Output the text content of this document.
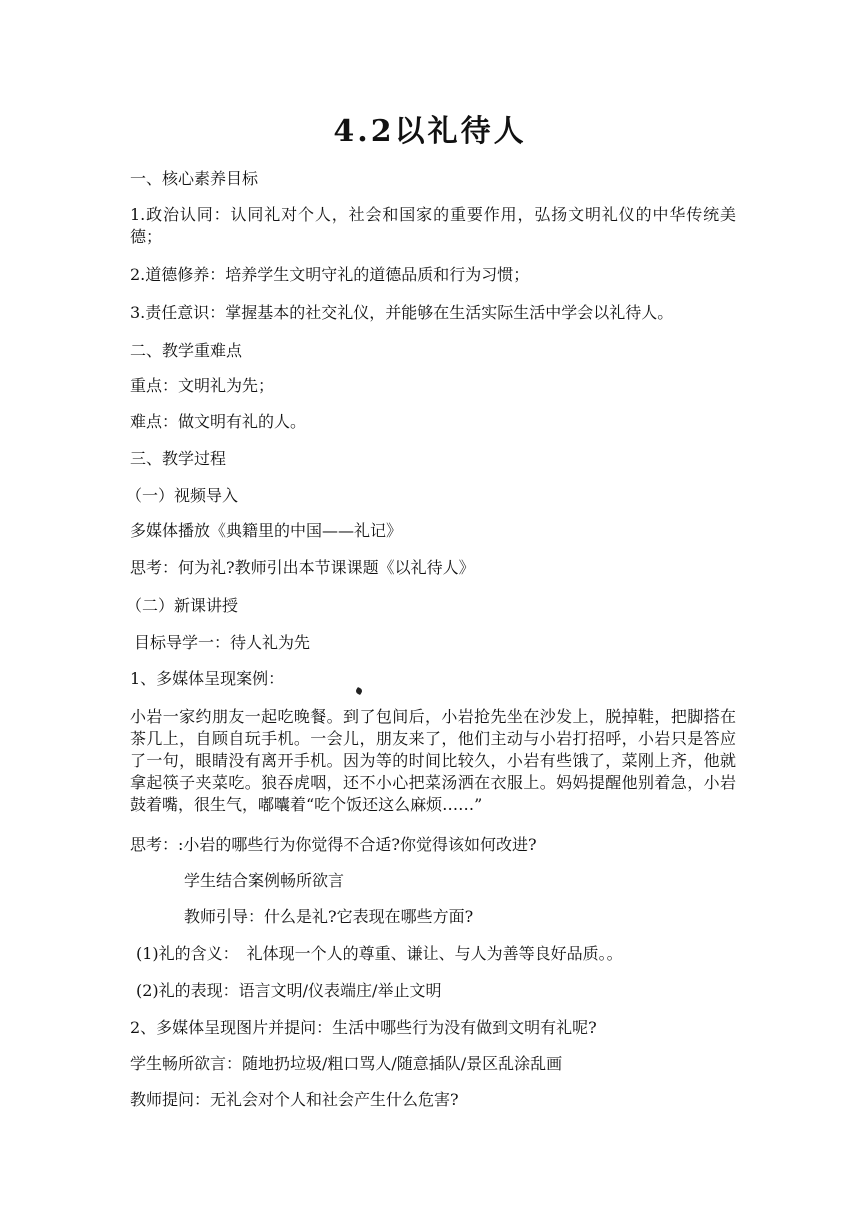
4.2以礼待人

一、核心素养目标

1.政治认同：认同礼对个人，社会和国家的重要作用，弘扬文明礼仪的中华传统美德；

2.道德修养：培养学生文明守礼的道德品质和行为习惯；

3.责任意识：掌握基本的社交礼仪，并能够在生活实际生活中学会以礼待人。

二、教学重难点

重点：文明礼为先；

难点：做文明有礼的人。

三、教学过程

（一）视频导入

多媒体播放《典籍里的中国——礼记》

思考：何为礼?教师引出本节课课题《以礼待人》

（二）新课讲授

目标导学一：待人礼为先

1、多媒体呈现案例：

小岩一家约朋友一起吃晚餐。到了包间后，小岩抢先坐在沙发上，脱掉鞋，把脚搭在茶几上，自顾自玩手机。一会儿，朋友来了，他们主动与小岩打招呼，小岩只是答应了一句，眼睛没有离开手机。因为等的时间比较久，小岩有些饿了，菜刚上齐，他就拿起筷子夹菜吃。狼吞虎咽，还不小心把菜汤洒在衣服上。妈妈提醒他别着急，小岩鼓着嘴，很生气，嘟囔着“吃个饭还这么麻烦……”

思考：:小岩的哪些行为你觉得不合适?你觉得该如何改进?

学生结合案例畅所欲言

教师引导：什么是礼?它表现在哪些方面?

(1)礼的含义：　礼体现一个人的尊重、谦让、与人为善等良好品质。。

(2)礼的表现：语言文明/仪表端庄/举止文明

2、多媒体呈现图片并提问：生活中哪些行为没有做到文明有礼呢?

学生畅所欲言：随地扔垃圾/粗口骂人/随意插队/景区乱涂乱画

教师提问：无礼会对个人和社会产生什么危害?
